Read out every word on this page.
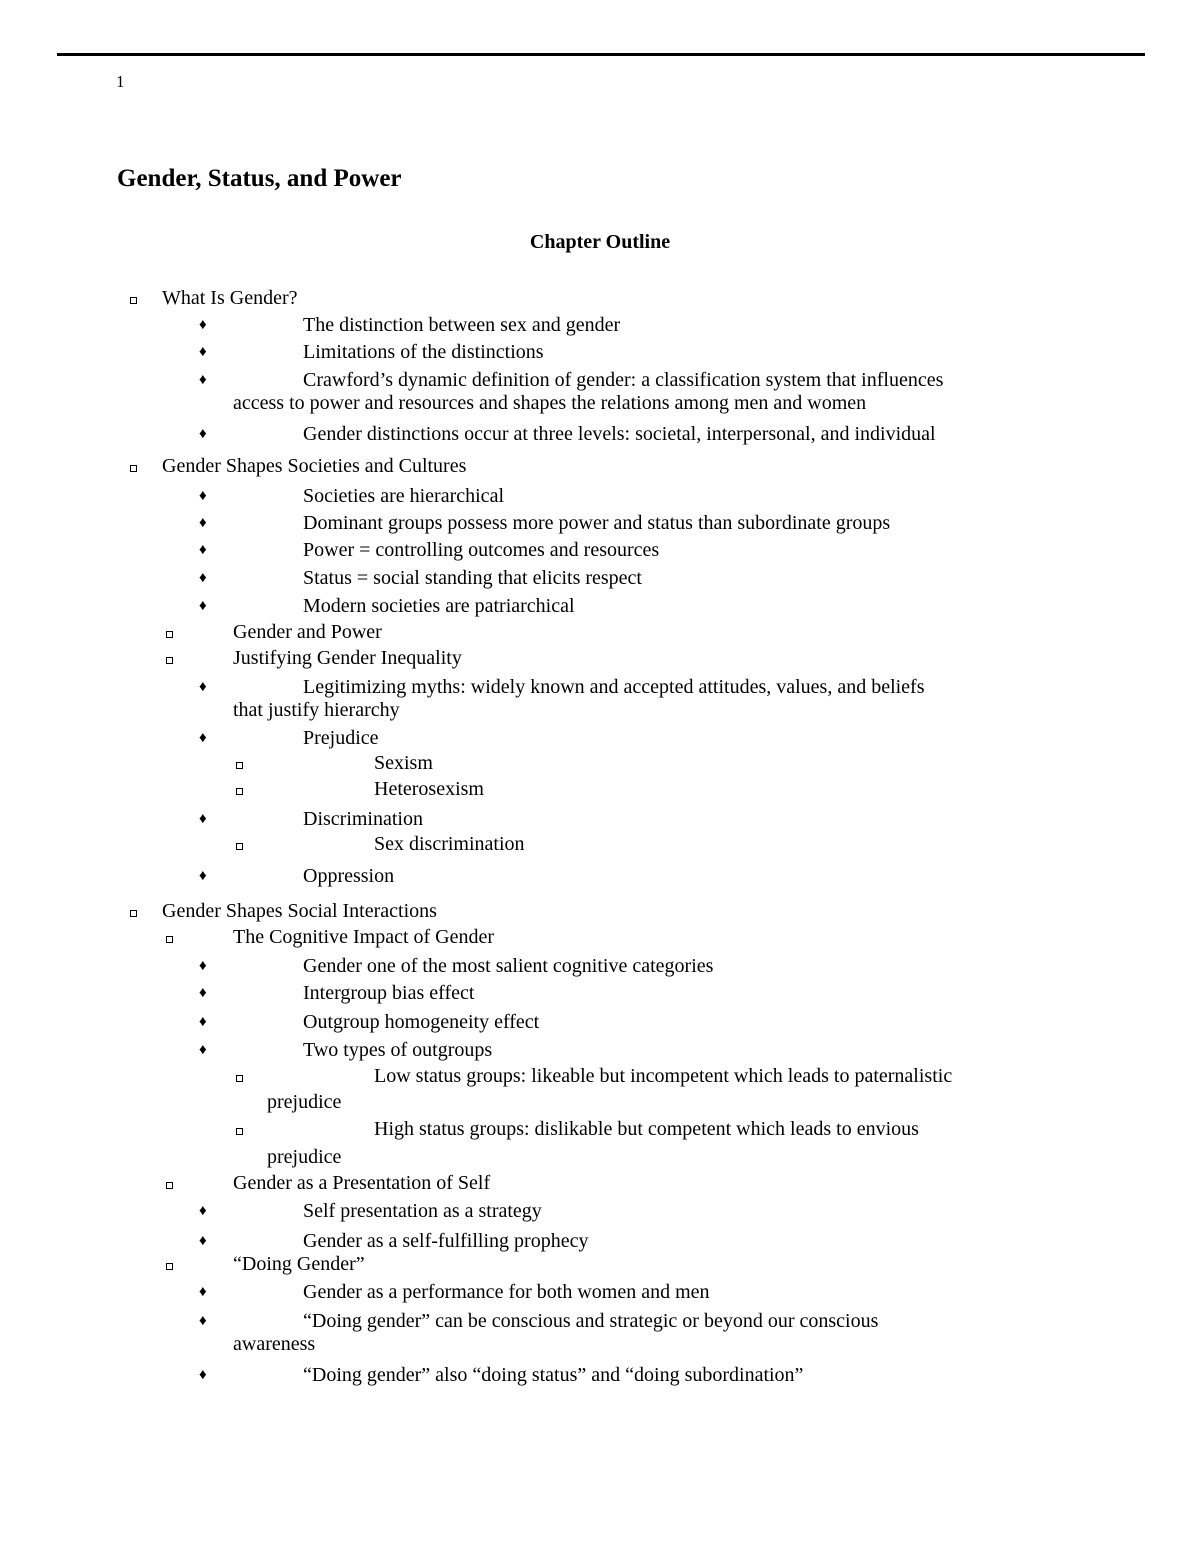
1
Gender, Status, and Power
Chapter Outline
What Is Gender?
♦	The distinction between sex and gender
♦	Limitations of the distinctions
♦	Crawford’s dynamic definition of gender: a classification system that influences
access to power and resources and shapes the relations among men and women
♦	Gender distinctions occur at three levels: societal, interpersonal, and individual
Gender Shapes Societies and Cultures
♦	Societies are hierarchical
♦	Dominant groups possess more power and status than subordinate groups
♦	Power = controlling outcomes and resources
♦	Status = social standing that elicits respect
♦	Modern societies are patriarchical
Gender and Power
Justifying Gender Inequality
♦	Legitimizing myths: widely known and accepted attitudes, values, and beliefs
that justify hierarchy
♦	Prejudice
Sexism
Heterosexism
♦	Discrimination
Sex discrimination
♦	Oppression
Gender Shapes Social Interactions
The Cognitive Impact of Gender
♦	Gender one of the most salient cognitive categories
♦	Intergroup bias effect
♦	Outgroup homogeneity effect
♦	Two types of outgroups
Low status groups: likeable but incompetent which leads to paternalistic
prejudice
High status groups: dislikable but competent which leads to envious
prejudice
Gender as a Presentation of Self
♦	Self presentation as a strategy
♦	Gender as a self-fulfilling prophecy
“Doing Gender”
♦	Gender as a performance for both women and men
♦	“Doing gender” can be conscious and strategic or beyond our conscious
awareness
♦	“Doing gender” also “doing status” and “doing subordination”
